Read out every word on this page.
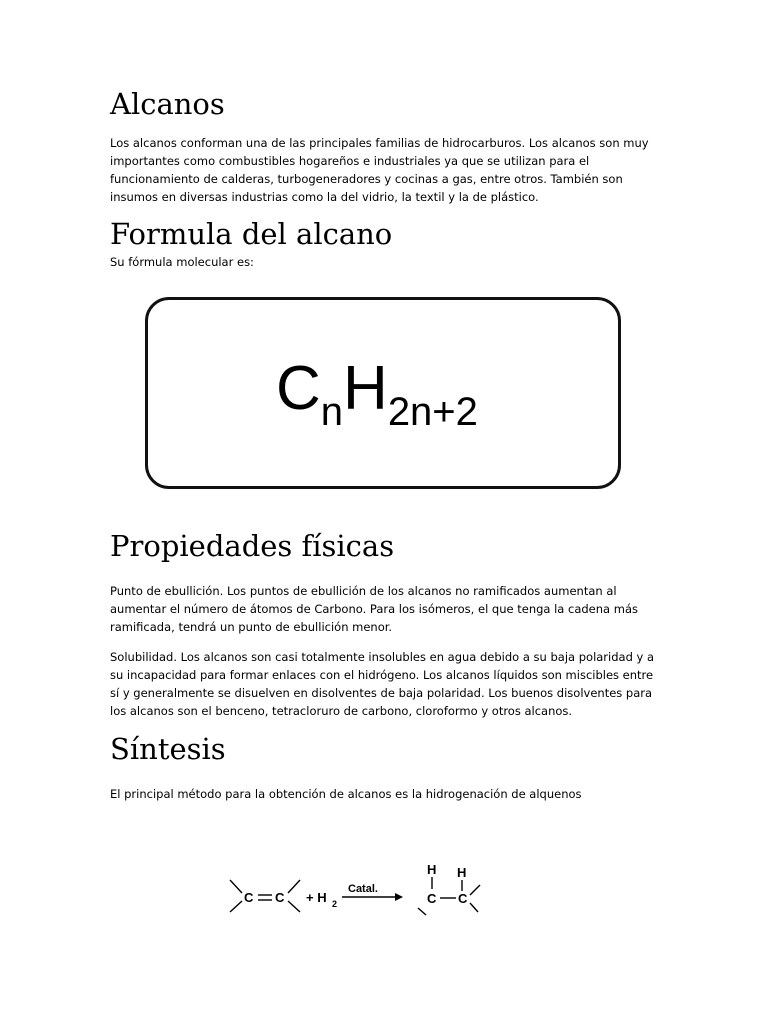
Alcanos
Los alcanos conforman una de las principales familias de hidrocarburos. Los alcanos son muy importantes como combustibles hogareños e industriales ya que se utilizan para el funcionamiento de calderas, turbogeneradores y cocinas a gas, entre otros. También son insumos en diversas industrias como la del vidrio, la textil y la de plástico.
Formula del alcano
Su fórmula molecular es:
$C_nH_{2n+2}$
Propiedades físicas
Punto de ebullición. Los puntos de ebullición de los alcanos no ramificados aumentan al aumentar el número de átomos de Carbono. Para los isómeros, el que tenga la cadena más ramificada, tendrá un punto de ebullición menor.
Solubilidad. Los alcanos son casi totalmente insolubles en agua debido a su baja polaridad y a su incapacidad para formar enlaces con el hidrógeno. Los alcanos líquidos son miscibles entre sí y generalmente se disuelven en disolventes de baja polaridad. Los buenos disolventes para los alcanos son el benceno, tetracloruro de carbono, cloroformo y otros alcanos.
Síntesis
El principal método para la obtención de alcanos es la hidrogenación de alquenos
C C + H 2
Catal.
H H
C C
